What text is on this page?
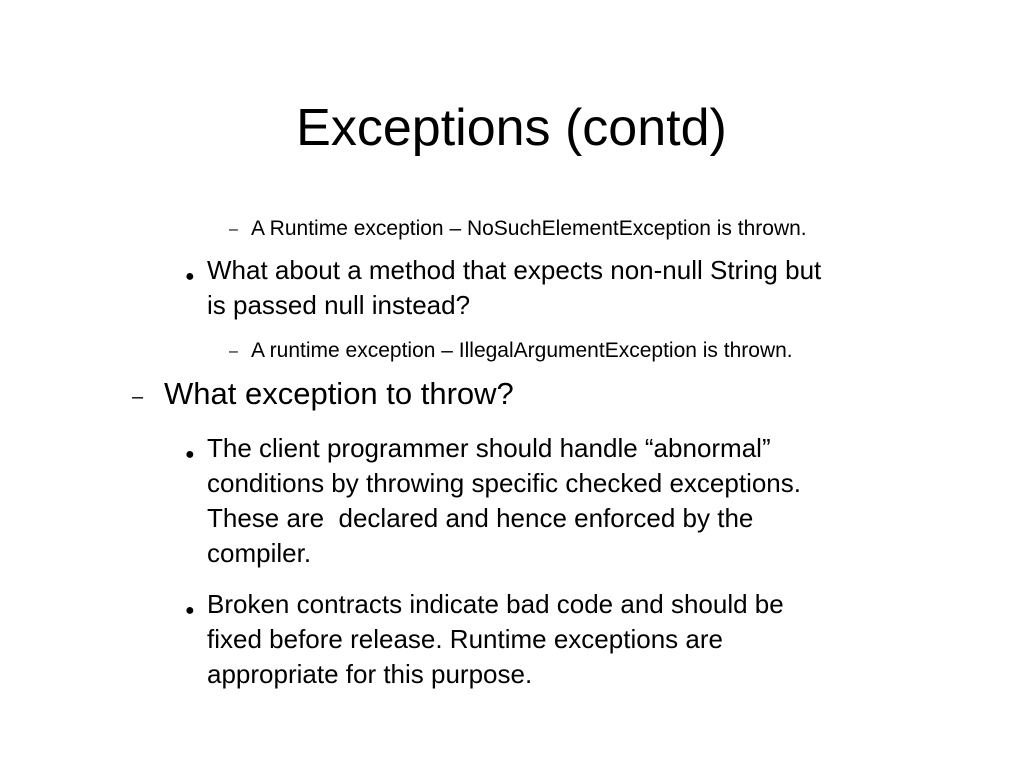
Exceptions (contd)
– A Runtime exception – NoSuchElementException is thrown.
● What about a method that expects non-null String but
is passed null instead?
– A runtime exception – IllegalArgumentException is thrown.
– What exception to throw?
● The client programmer should handle “abnormal”
conditions by throwing specific checked exceptions.
These are  declared and hence enforced by the
compiler.
● Broken contracts indicate bad code and should be
fixed before release. Runtime exceptions are
appropriate for this purpose.
